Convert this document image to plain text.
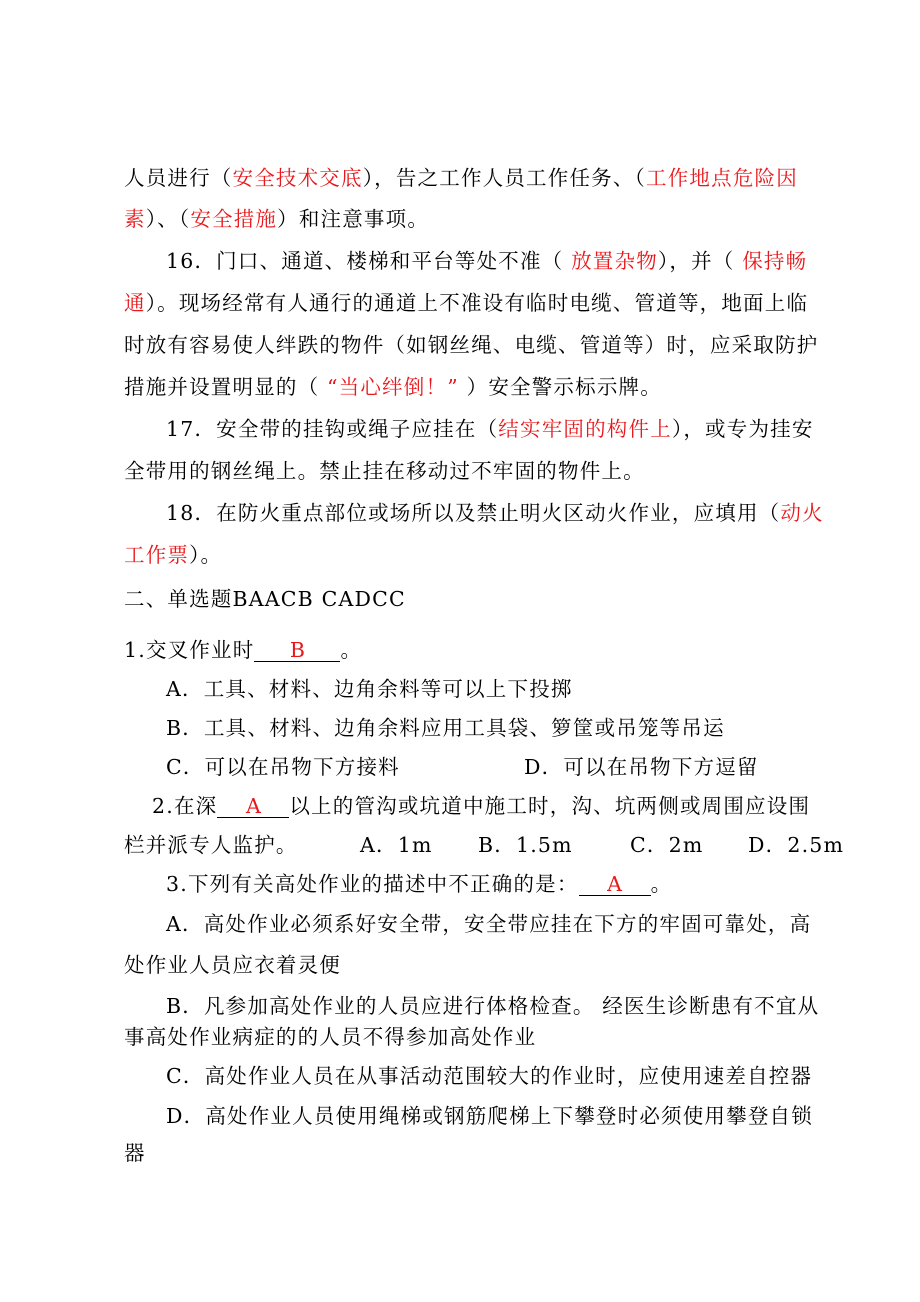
人员进行（安全技术交底），告之工作人员工作任务、（工作地点危险因
素）、（安全措施）和注意事项。
16．门口、通道、楼梯和平台等处不准（ 放置杂物），并（ 保持畅
通）。现场经常有人通行的通道上不准设有临时电缆、管道等，地面上临
时放有容易使人绊跌的物件（如钢丝绳、电缆、管道等）时，应采取防护
措施并设置明显的（ “当心绊倒！” ）安全警示标示牌。
17．安全带的挂钩或绳子应挂在（结实牢固的构件上），或专为挂安
全带用的钢丝绳上。禁止挂在移动过不牢固的物件上。
18．在防火重点部位或场所以及禁止明火区动火作业，应填用（动火
工作票）。
二、单选题BAACB CADCC
1.交叉作业时 B 。
A．工具、材料、边角余料等可以上下投掷
B．工具、材料、边角余料应用工具袋、箩筐或吊笼等吊运
C．可以在吊物下方接料	D．可以在吊物下方逗留
2.在深 A 以上的管沟或坑道中施工时，沟、坑两侧或周围应设围
栏并派专人监护。	A．1m B．1.5m	C．2m D．2.5m
3.下列有关高处作业的描述中不正确的是： A 。
A．高处作业必须系好安全带，安全带应挂在下方的牢固可靠处，高
处作业人员应衣着灵便
B．凡参加高处作业的人员应进行体格检查。 经医生诊断患有不宜从
事高处作业病症的的人员不得参加高处作业
C．高处作业人员在从事活动范围较大的作业时，应使用速差自控器
D．高处作业人员使用绳梯或钢筋爬梯上下攀登时必须使用攀登自锁
器
